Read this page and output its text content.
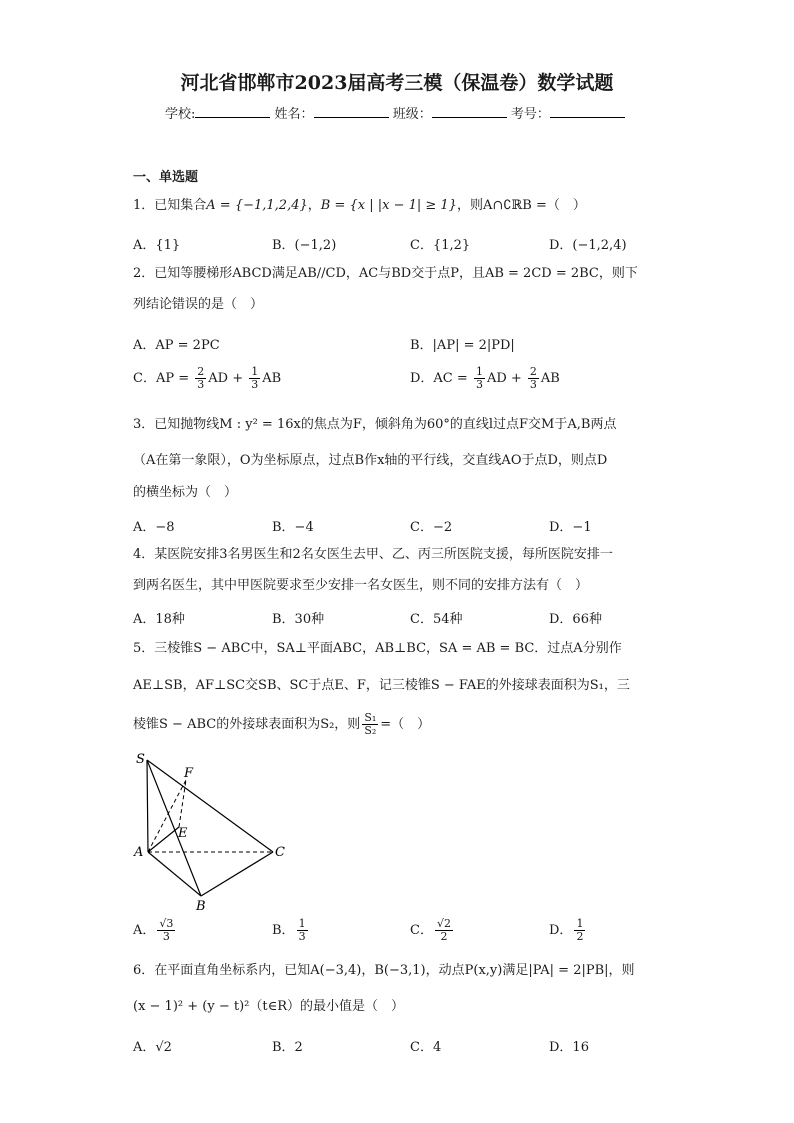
河北省邯郸市2023届高考三模（保温卷）数学试题
学校:	姓名：	班级：	考号：
一、单选题
1．已知集合A = {−1,1,2,4}，B = {x | |x − 1| ≥ 1}，则A∩∁ℝB =（　）
A．{1}	B．(−1,2)	C．{1,2}	D．(−1,2,4)
2．已知等腰梯形ABCD满足AB//CD，AC与BD交于点P，且AB = 2CD = 2BC，则下
列结论错误的是（　）
A．AP = 2PC	B．|AP| = 2|PD|
C．AP = $\frac{2}{3}$ AD + $\frac{1}{3}$ AB	D．AC = $\frac{1}{3}$ AD + $\frac{2}{3}$ AB
3．已知抛物线M : y² = 16x的焦点为F，倾斜角为60°的直线l过点F交M于A,B两点
（A在第一象限），O为坐标原点，过点B作x轴的平行线，交直线AO于点D，则点D
的横坐标为（　）
A．−8	B．−4	C．−2	D．−1
4．某医院安排3名男医生和2名女医生去甲、乙、丙三所医院支援，每所医院安排一
到两名医生，其中甲医院要求至少安排一名女医生，则不同的安排方法有（　）
A．18种	B．30种	C．54种	D．66种
5．三棱锥S − ABC中，SA⊥平面ABC，AB⊥BC，SA = AB = BC．过点A分别作
AE⊥SB，AF⊥SC交SB、SC于点E、F，记三棱锥S − FAE的外接球表面积为S₁，三
棱锥S − ABC的外接球表面积为S₂，则 $\frac{\text{S₁}}{\text{S₂}}$ =（　）
S
F
E
A	C
B
A． $\frac{√3}{3}$	B． $\frac{1}{3}$	C． $\frac{√2}{2}$	D． $\frac{1}{2}$
6．在平面直角坐标系内，已知A(−3,4)，B(−3,1)，动点P(x,y)满足|PA| = 2|PB|，则
(x − 1)² + (y − t)²（t∈R）的最小值是（　）
A．√2	B．2	C．4	D．16
